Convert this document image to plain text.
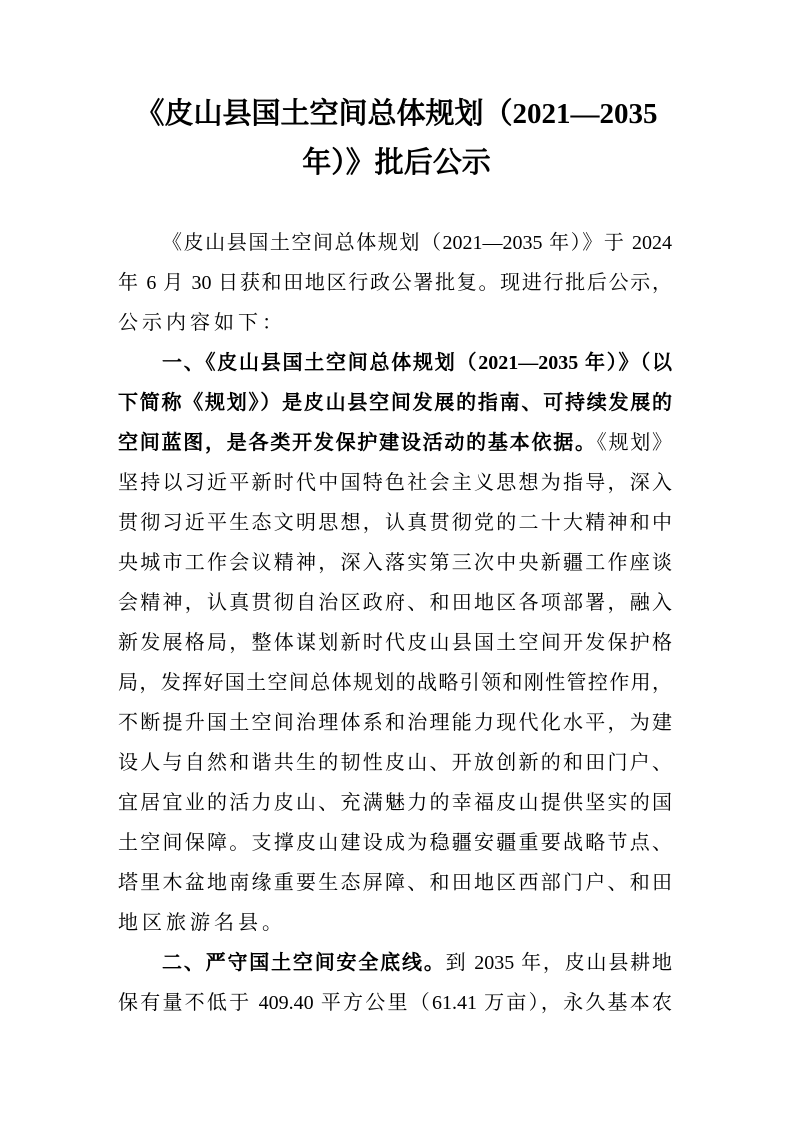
《皮山县国土空间总体规划（2021—2035
年）》批后公示
《皮山县国土空间总体规划（2021—2035 年）》于 2024
年 6 月 30 日获和田地区行政公署批复。现进行批后公示，
公示内容如下：
一、《皮山县国土空间总体规划（2021—2035 年）》（以
下简称《规划》）是皮山县空间发展的指南、可持续发展的
空间蓝图，是各类开发保护建设活动的基本依据。《规划》
坚持以习近平新时代中国特色社会主义思想为指导，深入
贯彻习近平生态文明思想，认真贯彻党的二十大精神和中
央城市工作会议精神，深入落实第三次中央新疆工作座谈
会精神，认真贯彻自治区政府、和田地区各项部署，融入
新发展格局，整体谋划新时代皮山县国土空间开发保护格
局，发挥好国土空间总体规划的战略引领和刚性管控作用，
不断提升国土空间治理体系和治理能力现代化水平，为建
设人与自然和谐共生的韧性皮山、开放创新的和田门户、
宜居宜业的活力皮山、充满魅力的幸福皮山提供坚实的国
土空间保障。支撑皮山建设成为稳疆安疆重要战略节点、
塔里木盆地南缘重要生态屏障、和田地区西部门户、和田
地区旅游名县。
二、严守国土空间安全底线。到 2035 年，皮山县耕地
保有量不低于 409.40 平方公里（61.41 万亩），永久基本农
